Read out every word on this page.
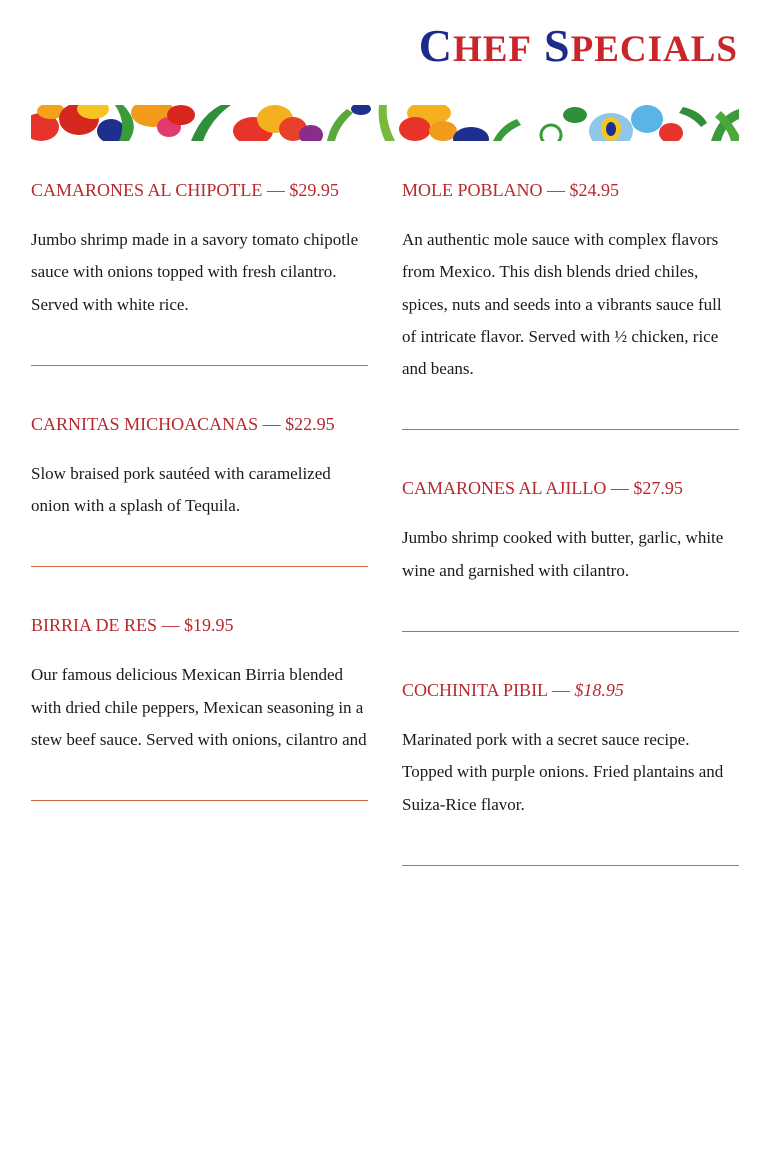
CHEF SPECIALS

CAMARONES AL CHIPOTLE — $29.95

Jumbo shrimp made in a savory tomato chipotle sauce with onions topped with fresh cilantro. Served with white rice.

CARNITAS MICHOACANAS — $22.95

Slow braised pork sautéed with caramelized onion with a splash of Tequila.

BIRRIA DE RES — $19.95

Our famous delicious Mexican Birria blended with dried chile peppers, Mexican seasoning in a stew beef sauce. Served with onions, cilantro and

MOLE POBLANO — $24.95

An authentic mole sauce with complex flavors from Mexico. This dish blends dried chiles, spices, nuts and seeds into a vibrants sauce full of intricate flavor. Served with ½ chicken, rice and beans.

CAMARONES AL AJILLO — $27.95

Jumbo shrimp cooked with butter, garlic, white wine and garnished with cilantro.

COCHINITA PIBIL — $18.95

Marinated pork with a secret sauce recipe. Topped with purple onions. Fried plantains and Suiza-Rice flavor.
